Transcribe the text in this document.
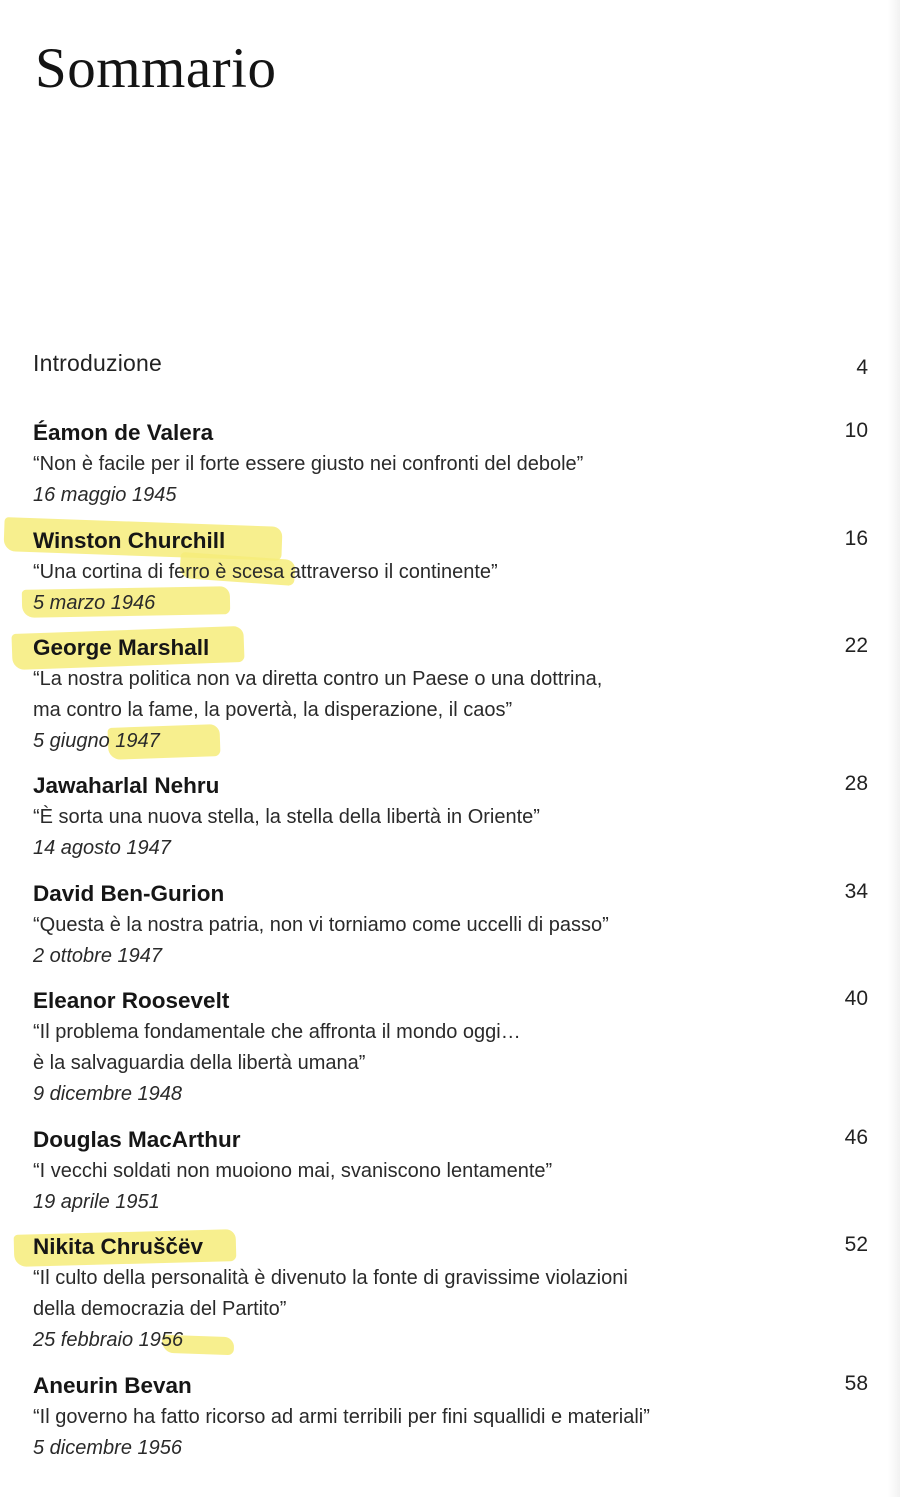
Sommario
Introduzione	4
Éamon de Valera
“Non è facile per il forte essere giusto nei confronti del debole”
16 maggio 1945
10
Winston Churchill
“Una cortina di ferro è scesa attraverso il continente”
5 marzo 1946
16
George Marshall
“La nostra politica non va diretta contro un Paese o una dottrina,
ma contro la fame, la povertà, la disperazione, il caos”
5 giugno 1947
22
Jawaharlal Nehru
“È sorta una nuova stella, la stella della libertà in Oriente”
14 agosto 1947
28
David Ben-Gurion
“Questa è la nostra patria, non vi torniamo come uccelli di passo”
2 ottobre 1947
34
Eleanor Roosevelt
“Il problema fondamentale che affronta il mondo oggi…
è la salvaguardia della libertà umana”
9 dicembre 1948
40
Douglas MacArthur
“I vecchi soldati non muoiono mai, svaniscono lentamente”
19 aprile 1951
46
Nikita Chruščëv
“Il culto della personalità è divenuto la fonte di gravissime violazioni
della democrazia del Partito”
25 febbraio 1956
52
Aneurin Bevan
“Il governo ha fatto ricorso ad armi terribili per fini squallidi e materiali”
5 dicembre 1956
58
